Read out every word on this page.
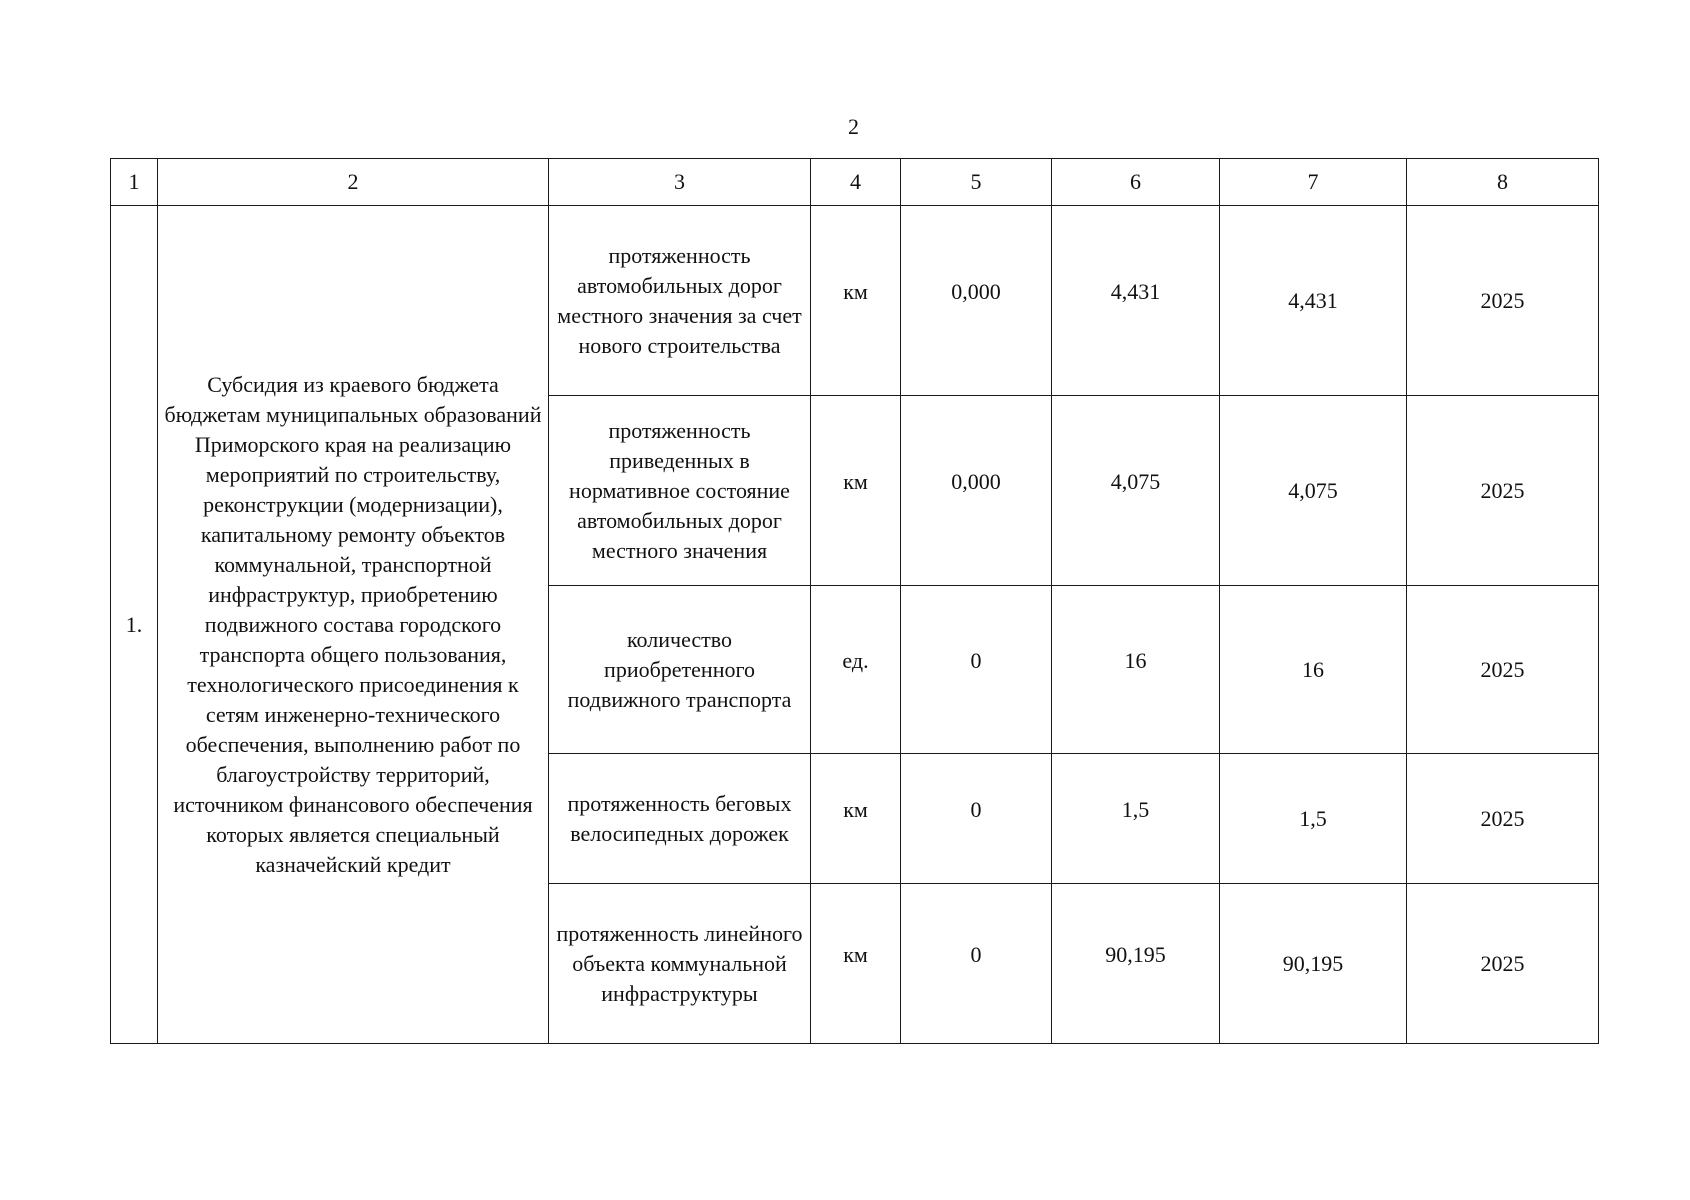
2
1	2	3	4	5	6	7	8
1.	Субсидия из краевого бюджета бюджетам муниципальных образований Приморского края на реализацию мероприятий по строительству, реконструкции (модернизации), капитальному ремонту объектов коммунальной, транспортной инфраструктур, приобретению подвижного состава городского транспорта общего пользования, технологического присоединения к сетям инженерно-технического обеспечения, выполнению работ по благоустройству территорий, источником финансового обеспечения которых является специальный казначейский кредит	протяженность автомобильных дорог местного значения за счет нового строительства	км	0,000	4,431	4,431	2025
		протяженность приведенных в нормативное состояние автомобильных дорог местного значения	км	0,000	4,075	4,075	2025
		количество приобретенного подвижного транспорта	ед.	0	16	16	2025
		протяженность беговых велосипедных дорожек	км	0	1,5	1,5	2025
		протяженность линейного объекта коммунальной инфраструктуры	км	0	90,195	90,195	2025
